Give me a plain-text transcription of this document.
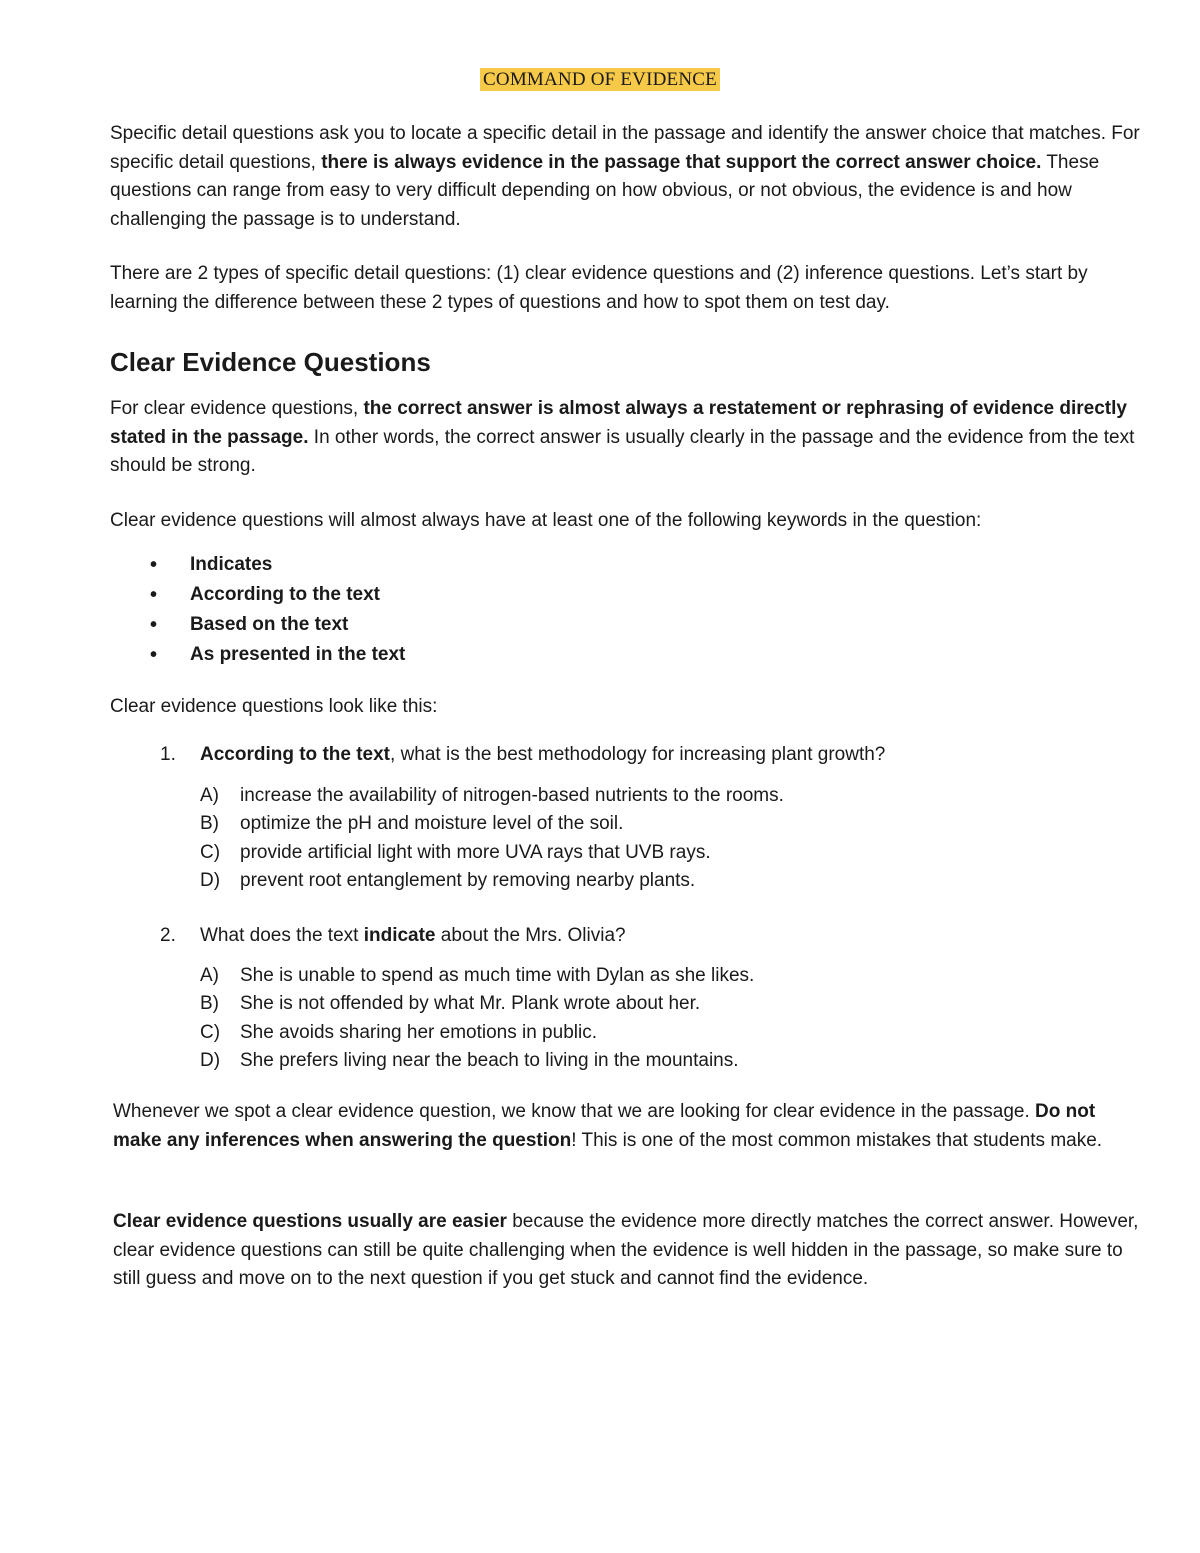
COMMAND OF EVIDENCE

Specific detail questions ask you to locate a specific detail in the passage and identify the answer choice that matches. For specific detail questions, there is always evidence in the passage that support the correct answer choice. These questions can range from easy to very difficult depending on how obvious, or not obvious, the evidence is and how challenging the passage is to understand.

There are 2 types of specific detail questions: (1) clear evidence questions and (2) inference questions. Let’s start by learning the difference between these 2 types of questions and how to spot them on test day.

Clear Evidence Questions

For clear evidence questions, the correct answer is almost always a restatement or rephrasing of evidence directly stated in the passage. In other words, the correct answer is usually clearly in the passage and the evidence from the text should be strong.

Clear evidence questions will almost always have at least one of the following keywords in the question:

• Indicates
• According to the text
• Based on the text
• As presented in the text

Clear evidence questions look like this:

1. According to the text, what is the best methodology for increasing plant growth?

A) increase the availability of nitrogen-based nutrients to the rooms.
B) optimize the pH and moisture level of the soil.
C) provide artificial light with more UVA rays that UVB rays.
D) prevent root entanglement by removing nearby plants.

2. What does the text indicate about the Mrs. Olivia?

A) She is unable to spend as much time with Dylan as she likes.
B) She is not offended by what Mr. Plank wrote about her.
C) She avoids sharing her emotions in public.
D) She prefers living near the beach to living in the mountains.

Whenever we spot a clear evidence question, we know that we are looking for clear evidence in the passage. Do not make any inferences when answering the question! This is one of the most common mistakes that students make.

Clear evidence questions usually are easier because the evidence more directly matches the correct answer. However, clear evidence questions can still be quite challenging when the evidence is well hidden in the passage, so make sure to still guess and move on to the next question if you get stuck and cannot find the evidence.
